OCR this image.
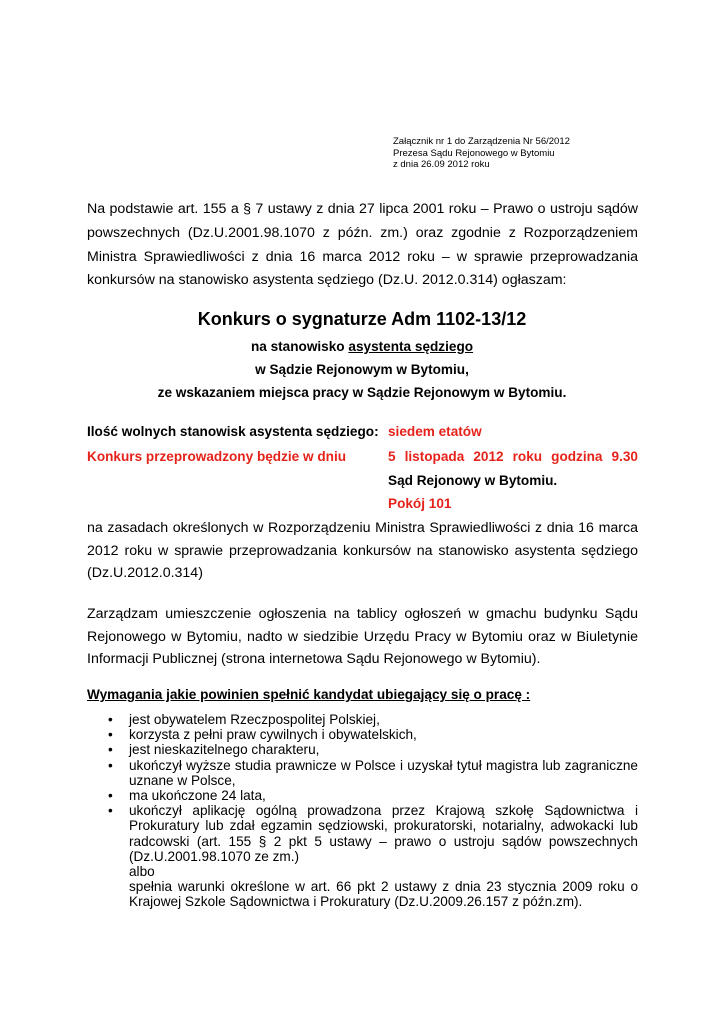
Załącznik nr 1 do Zarządzenia Nr 56/2012
Prezesa Sądu Rejonowego w Bytomiu
z dnia 26.09 2012 roku
Na podstawie art. 155 a § 7 ustawy z dnia 27 lipca 2001 roku – Prawo o ustroju sądów powszechnych (Dz.U.2001.98.1070 z późn. zm.) oraz zgodnie z Rozporządzeniem Ministra Sprawiedliwości z dnia 16 marca 2012 roku – w sprawie przeprowadzania konkursów na stanowisko asystenta sędziego (Dz.U. 2012.0.314) ogłaszam:
Konkurs o sygnaturze Adm 1102-13/12
na stanowisko asystenta sędziego
w Sądzie Rejonowym w Bytomiu,
ze wskazaniem miejsca pracy w Sądzie Rejonowym w Bytomiu.
Ilość wolnych stanowisk asystenta sędziego: siedem etatów
Konkurs przeprowadzony będzie w dniu	5 listopada 2012 roku godzina 9.30
Sąd Rejonowy w Bytomiu.
Pokój 101
na zasadach określonych w Rozporządzeniu Ministra Sprawiedliwości z dnia 16 marca 2012 roku w sprawie przeprowadzania konkursów na stanowisko asystenta sędziego (Dz.U.2012.0.314)
Zarządzam umieszczenie ogłoszenia na tablicy ogłoszeń w gmachu budynku Sądu Rejonowego w Bytomiu, nadto w siedzibie Urzędu Pracy w Bytomiu oraz w Biuletynie Informacji Publicznej (strona internetowa Sądu Rejonowego w Bytomiu).
Wymagania jakie powinien spełnić kandydat ubiegający się o pracę :
• jest obywatelem Rzeczpospolitej Polskiej,
• korzysta z pełni praw cywilnych i obywatelskich,
• jest nieskazitelnego charakteru,
• ukończył wyższe studia prawnicze w Polsce i uzyskał tytuł magistra lub zagraniczne uznane w Polsce,
• ma ukończone 24 lata,
• ukończył aplikację ogólną prowadzona przez Krajową szkołę Sądownictwa i Prokuratury lub zdał egzamin sędziowski, prokuratorski, notarialny, adwokacki lub radcowski (art. 155 § 2 pkt 5 ustawy – prawo o ustroju sądów powszechnych (Dz.U.2001.98.1070 ze zm.)
albo
spełnia warunki określone w art. 66 pkt 2 ustawy z dnia 23 stycznia 2009 roku o Krajowej Szkole Sądownictwa i Prokuratury (Dz.U.2009.26.157 z późn.zm).
